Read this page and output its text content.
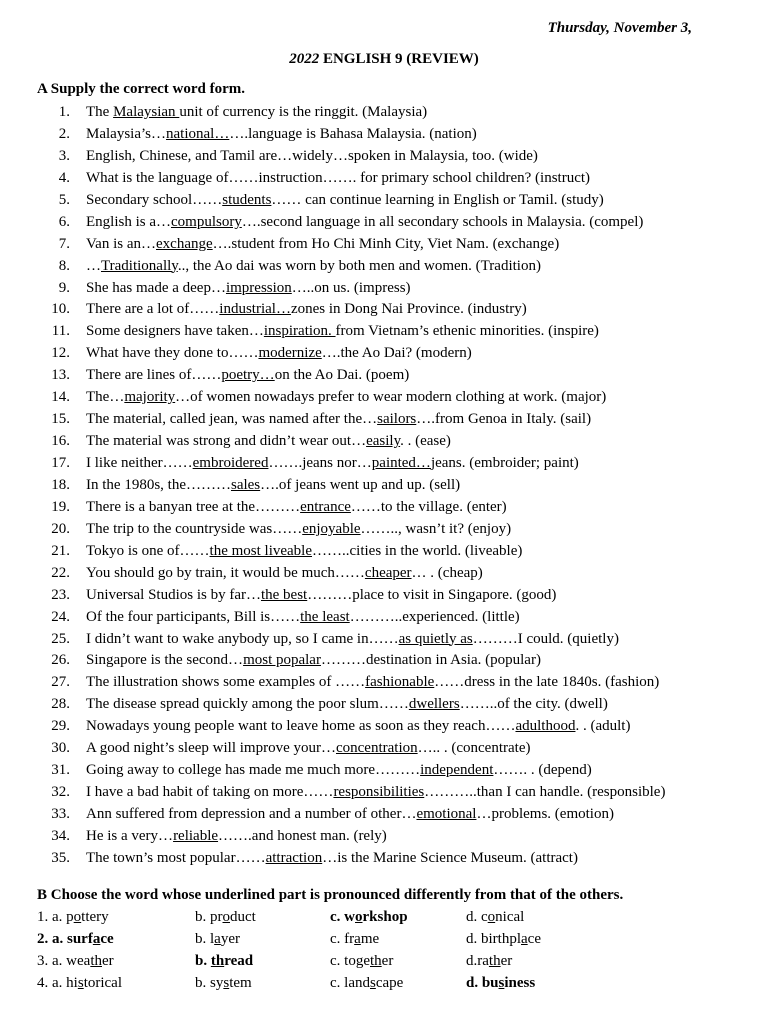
Thursday, November 3,
2022 ENGLISH 9 (REVIEW)
A Supply the correct word form.
1. The Malaysian unit of currency is the ringgit. (Malaysia)
2. Malaysia’s…national…….language is Bahasa Malaysia. (nation)
3. English, Chinese, and Tamil are…widely…spoken in Malaysia, too. (wide)
4. What is the language of……instruction……. for primary school children? (instruct)
5. Secondary school……students…… can continue learning in English or Tamil. (study)
6. English is a…compulsory….second language in all secondary schools in Malaysia. (compel)
7. Van is an…exchange….student from Ho Chi Minh City, Viet Nam. (exchange)
8. …Traditionally.., the Ao dai was worn by both men and women. (Tradition)
9. She has made a deep…impression…..on us. (impress)
10. There are a lot of……industrial…zones in Dong Nai Province. (industry)
11. Some designers have taken…inspiration. from Vietnam’s ethenic minorities. (inspire)
12. What have they done to……modernize….the Ao Dai? (modern)
13. There are lines of……poetry…on the Ao Dai. (poem)
14. The…majority…of women nowadays prefer to wear modern clothing at work. (major)
15. The material, called jean, was named after the…sailors….from Genoa in Italy. (sail)
16. The material was strong and didn’t wear out…easily. . (ease)
17. I like neither……embroidered…….jeans nor…painted…jeans. (embroider; paint)
18. In the 1980s, the………sales….of jeans went up and up. (sell)
19. There is a banyan tree at the………entrance……to the village. (enter)
20. The trip to the countryside was……enjoyable…….., wasn’t it? (enjoy)
21. Tokyo is one of……the most liveable……..cities in the world. (liveable)
22. You should go by train, it would be much……cheaper… . (cheap)
23. Universal Studios is by far…the best………place to visit in Singapore. (good)
24. Of the four participants, Bill is……the least………..experienced. (little)
25. I didn’t want to wake anybody up, so I came in……as quietly as………I could. (quietly)
26. Singapore is the second…most popalar………destination in Asia. (popular)
27. The illustration shows some examples of ……fashionable……dress in the late 1840s. (fashion)
28. The disease spread quickly among the poor slum……dwellers……..of the city. (dwell)
29. Nowadays young people want to leave home as soon as they reach……adulthood. . (adult)
30. A good night’s sleep will improve your…concentration….. . (concentrate)
31. Going away to college has made me much more………independent……. . (depend)
32. I have a bad habit of taking on more……responsibilities………..than I can handle. (responsible)
33. Ann suffered from depression and a number of other…emotional…problems. (emotion)
34. He is a very…reliable…….and honest man. (rely)
35. The town’s most popular……attraction…is the Marine Science Museum. (attract)
B Choose the word whose underlined part is pronounced differently from that of the others.
1. a. pottery	b. product	c. workshop	d. conical
2. a. surface	b. layer	c. frame	d. birthplace
3. a. weather	b. thread	c. together	d.rather
4. a. historical	b. system	c. landscape	d. business
